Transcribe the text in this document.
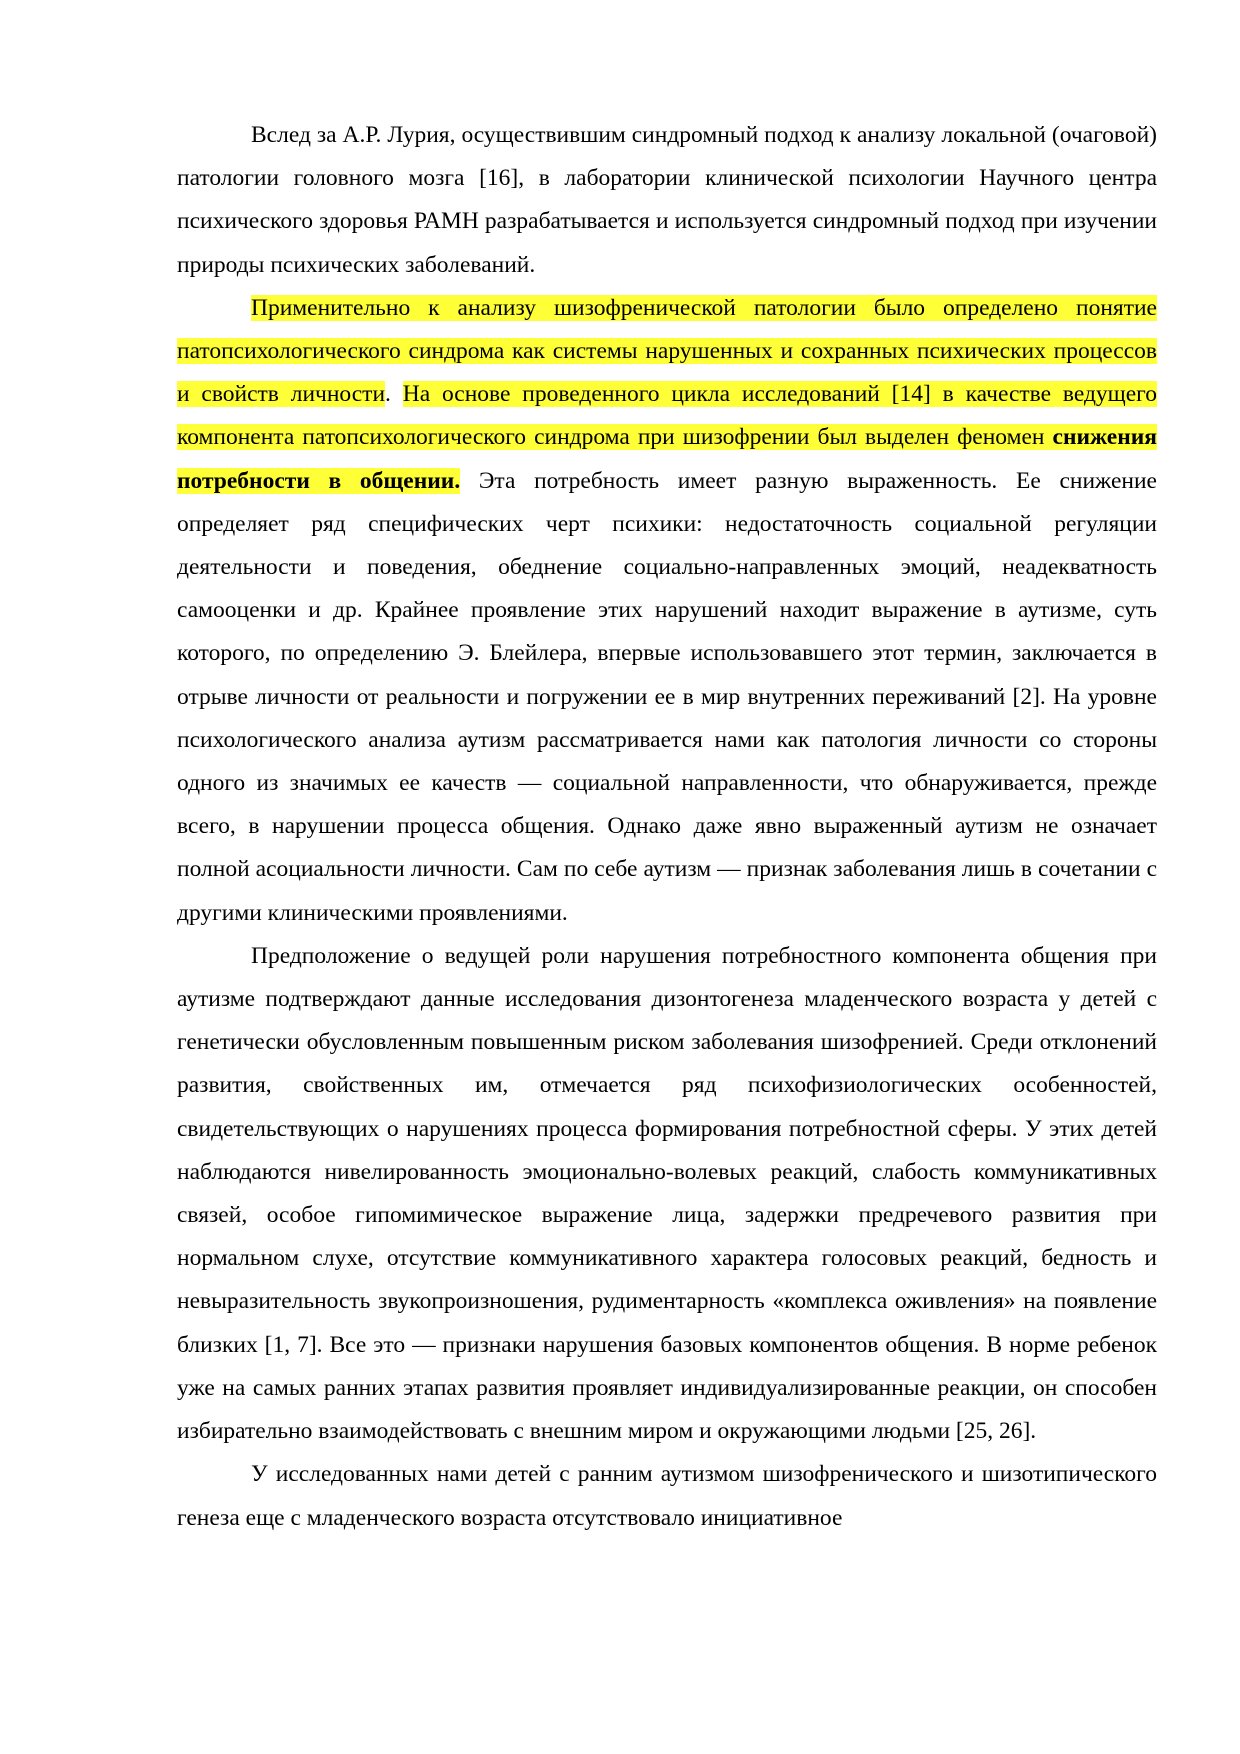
Вслед за А.Р. Лурия, осуществившим синдромный подход к анализу локальной (очаговой) патологии головного мозга [16], в лаборатории клинической психологии Научного центра психического здоровья РАМН разрабатывается и используется синдромный подход при изучении природы психических заболеваний.

Применительно к анализу шизофренической патологии было определено понятие патопсихологического синдрома как системы нарушенных и сохранных психических процессов и свойств личности. На основе проведенного цикла исследований [14] в качестве ведущего компонента патопсихологического синдрома при шизофрении был выделен феномен снижения потребности в общении. Эта потребность имеет разную выраженность. Ее снижение определяет ряд специфических черт психики: недостаточность социальной регуляции деятельности и поведения, обеднение социально-направленных эмоций, неадекватность самооценки и др. Крайнее проявление этих нарушений находит выражение в аутизме, суть которого, по определению Э. Блейлера, впервые использовавшего этот термин, заключается в отрыве личности от реальности и погружении ее в мир внутренних переживаний [2]. На уровне психологического анализа аутизм рассматривается нами как патология личности со стороны одного из значимых ее качеств — социальной направленности, что обнаруживается, прежде всего, в нарушении процесса общения. Однако даже явно выраженный аутизм не означает полной асоциальности личности. Сам по себе аутизм — признак заболевания лишь в сочетании с другими клиническими проявлениями.

Предположение о ведущей роли нарушения потребностного компонента общения при аутизме подтверждают данные исследования дизонтогенеза младенческого возраста у детей с генетически обусловленным повышенным риском заболевания шизофренией. Среди отклонений развития, свойственных им, отмечается ряд психофизиологических особенностей, свидетельствующих о нарушениях процесса формирования потребностной сферы. У этих детей наблюдаются нивелированность эмоционально-волевых реакций, слабость коммуникативных связей, особое гипомимическое выражение лица, задержки предречевого развития при нормальном слухе, отсутствие коммуникативного характера голосовых реакций, бедность и невыразительность звукопроизношения, рудиментарность «комплекса оживления» на появление близких [1, 7]. Все это — признаки нарушения базовых компонентов общения. В норме ребенок уже на самых ранних этапах развития проявляет индивидуализированные реакции, он способен избирательно взаимодействовать с внешним миром и окружающими людьми [25, 26].

У исследованных нами детей с ранним аутизмом шизофренического и шизотипического генеза еще с младенческого возраста отсутствовало инициативное
